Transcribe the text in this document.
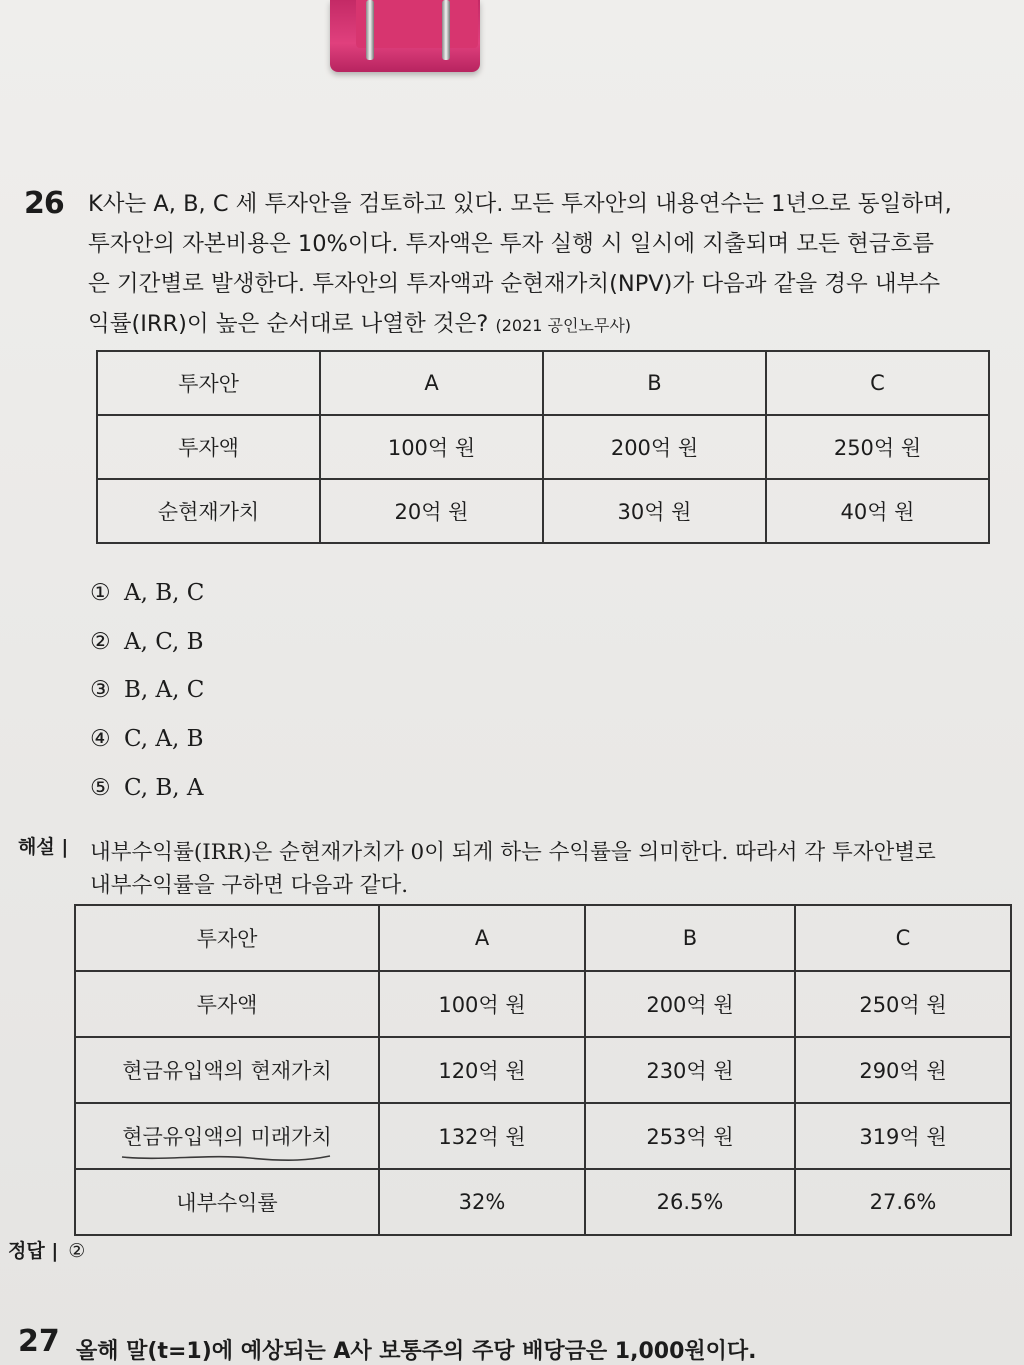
26 K사는 A, B, C 세 투자안을 검토하고 있다. 모든 투자안의 내용연수는 1년으로 동일하며,
투자안의 자본비용은 10%이다. 투자액은 투자 실행 시 일시에 지출되며 모든 현금흐름
은 기간별로 발생한다. 투자안의 투자액과 순현재가치(NPV)가 다음과 같을 경우 내부수
익률(IRR)이 높은 순서대로 나열한 것은? (2021 공인노무사)
투자안	A	B	C
투자액	100억 원	200억 원	250억 원
순현재가치	20억 원	30억 원	40억 원
① A, B, C
② A, C, B
③ B, A, C
④ C, A, B
⑤ C, B, A
해설 | 내부수익률(IRR)은 순현재가치가 0이 되게 하는 수익률을 의미한다. 따라서 각 투자안별로
내부수익률을 구하면 다음과 같다.
투자안	A	B	C
투자액	100억 원	200억 원	250억 원
현금유입액의 현재가치	120억 원	230억 원	290억 원
현금유입액의 미래가치	132억 원	253억 원	319억 원
내부수익률	32%	26.5%	27.6%
정답 | ②
27 올해 말(t=1)에 예상되는 A사 보통주의 주당 배당금은 1,000원이다.
